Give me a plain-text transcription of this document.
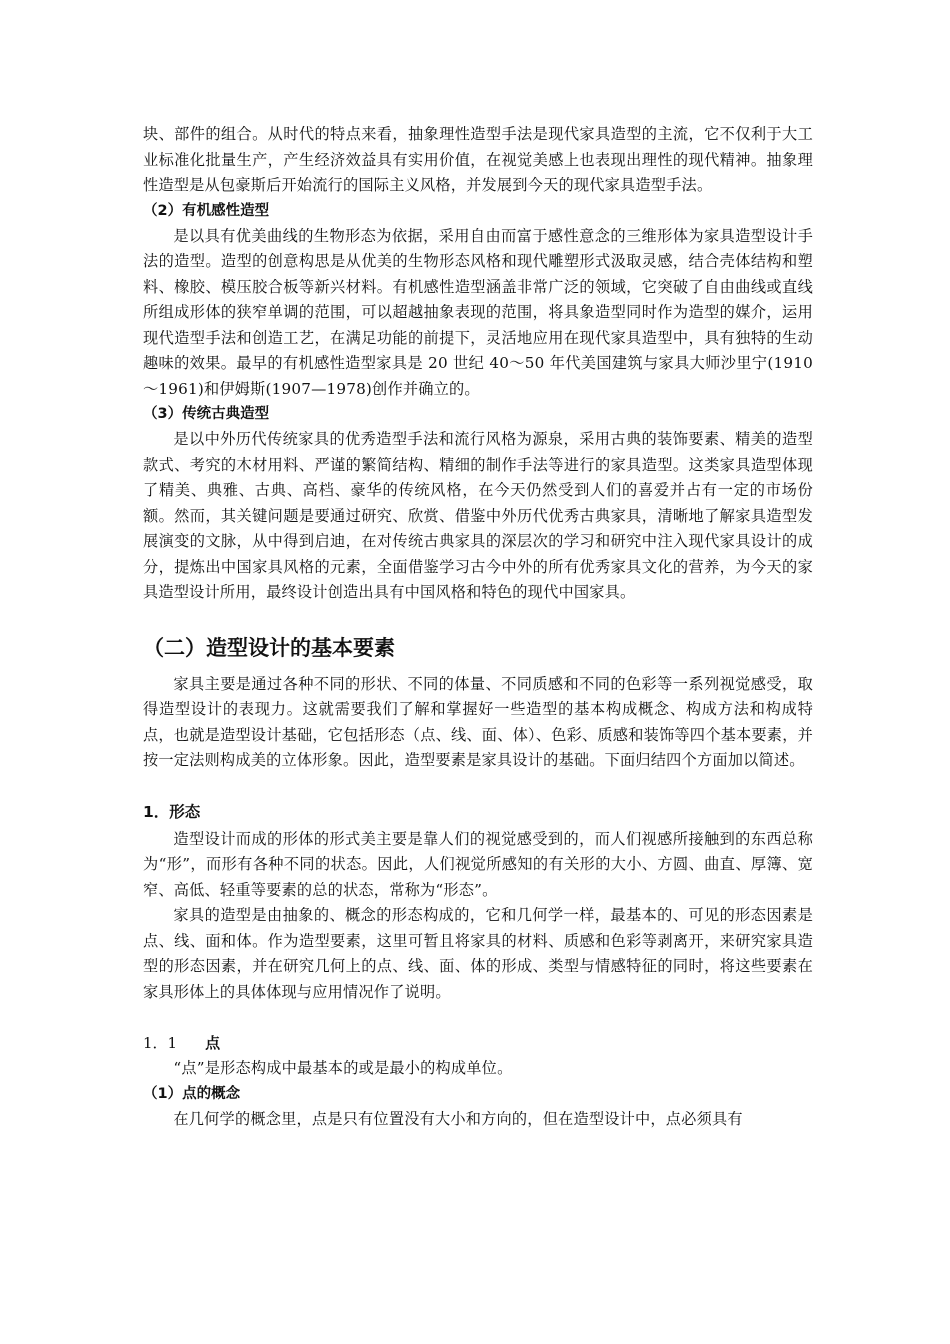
块、部件的组合。从时代的特点来看，抽象理性造型手法是现代家具造型的主流，它不仅利于大工业标准化批量生产，产生经济效益具有实用价值，在视觉美感上也表现出理性的现代精神。抽象理性造型是从包豪斯后开始流行的国际主义风格，并发展到今天的现代家具造型手法。

（2）有机感性造型

是以具有优美曲线的生物形态为依据，采用自由而富于感性意念的三维形体为家具造型设计手法的造型。造型的创意构思是从优美的生物形态风格和现代雕塑形式汲取灵感，结合壳体结构和塑料、橡胶、模压胶合板等新兴材料。有机感性造型涵盖非常广泛的领域，它突破了自由曲线或直线所组成形体的狭窄单调的范围，可以超越抽象表现的范围，将具象造型同时作为造型的媒介，运用现代造型手法和创造工艺，在满足功能的前提下，灵活地应用在现代家具造型中，具有独特的生动趣味的效果。最早的有机感性造型家具是 20 世纪 40～50 年代美国建筑与家具大师沙里宁(1910 ～1961)和伊姆斯(1907—1978)创作并确立的。

（3）传统古典造型

是以中外历代传统家具的优秀造型手法和流行风格为源泉，采用古典的装饰要素、精美的造型款式、考究的木材用料、严谨的繁简结构、精细的制作手法等进行的家具造型。这类家具造型体现了精美、典雅、古典、高档、豪华的传统风格，在今天仍然受到人们的喜爱并占有一定的市场份额。然而，其关键问题是要通过研究、欣赏、借鉴中外历代优秀古典家具，清晰地了解家具造型发展演变的文脉，从中得到启迪，在对传统古典家具的深层次的学习和研究中注入现代家具设计的成分，提炼出中国家具风格的元素，全面借鉴学习古今中外的所有优秀家具文化的营养，为今天的家具造型设计所用，最终设计创造出具有中国风格和特色的现代中国家具。

（二）造型设计的基本要素

家具主要是通过各种不同的形状、不同的体量、不同质感和不同的色彩等一系列视觉感受，取得造型设计的表现力。这就需要我们了解和掌握好一些造型的基本构成概念、构成方法和构成特点，也就是造型设计基础，它包括形态（点、线、面、体）、色彩、质感和装饰等四个基本要素，并按一定法则构成美的立体形象。因此，造型要素是家具设计的基础。下面归结四个方面加以简述。

1．形态

造型设计而成的形体的形式美主要是靠人们的视觉感受到的，而人们视感所接触到的东西总称为“形”，而形有各种不同的状态。因此，人们视觉所感知的有关形的大小、方圆、曲直、厚簿、宽窄、高低、轻重等要素的总的状态，常称为“形态”。

家具的造型是由抽象的、概念的形态构成的，它和几何学一样，最基本的、可见的形态因素是点、线、面和体。作为造型要素，这里可暂且将家具的材料、质感和色彩等剥离开，来研究家具造型的形态因素，并在研究几何上的点、线、面、体的形成、类型与情感特征的同时，将这些要素在家具形体上的具体体现与应用情况作了说明。

1．1 点

“点”是形态构成中最基本的或是最小的构成单位。

（1）点的概念

在几何学的概念里，点是只有位置没有大小和方向的，但在造型设计中，点必须具有
